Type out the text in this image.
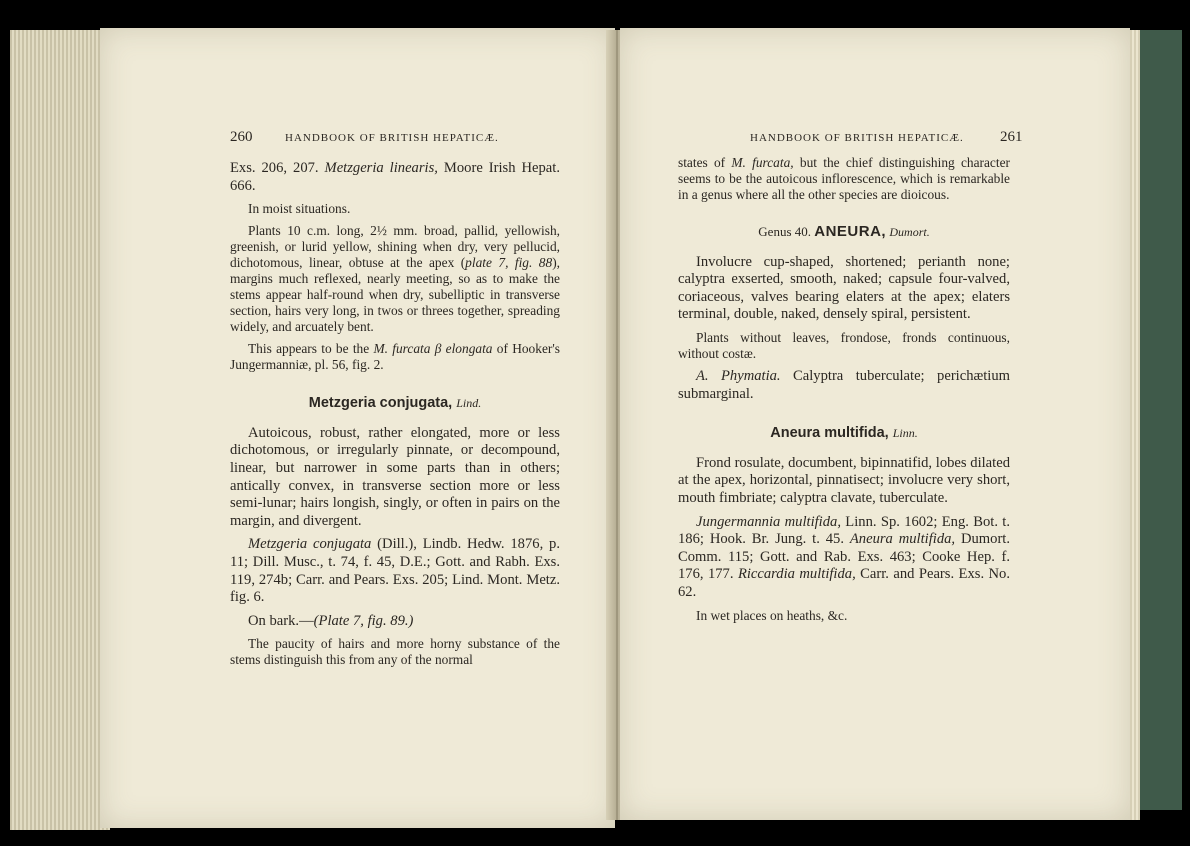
260	HANDBOOK OF BRITISH HEPATICÆ.

Exs. 206, 207. Metzgeria linearis, Moore Irish Hepat. 666.

In moist situations.

Plants 10 c.m. long, 2½ mm. broad, pallid, yellowish, greenish, or lurid yellow, shining when dry, very pellucid, dichotomous, linear, obtuse at the apex (plate 7, fig. 88), margins much reflexed, nearly meeting, so as to make the stems appear half-round when dry, subelliptic in transverse section, hairs very long, in twos or threes together, spreading widely, and arcuately bent.

This appears to be the M. furcata β elongata of Hooker's Jungermanniæ, pl. 56, fig. 2.

Metzgeria conjugata, Lind.

Autoicous, robust, rather elongated, more or less dichotomous, or irregularly pinnate, or decompound, linear, but narrower in some parts than in others; antically convex, in transverse section more or less semi-lunar; hairs longish, singly, or often in pairs on the margin, and divergent.

Metzgeria conjugata (Dill.), Lindb. Hedw. 1876, p. 11; Dill. Musc., t. 74, f. 45, D.E.; Gott. and Rabh. Exs. 119, 274b; Carr. and Pears. Exs. 205; Lind. Mont. Metz. fig. 6.

On bark.—(Plate 7, fig. 89.)

The paucity of hairs and more horny substance of the stems distinguish this from any of the normal

HANDBOOK OF BRITISH HEPATICÆ. 261

states of M. furcata, but the chief distinguishing character seems to be the autoicous inflorescence, which is remarkable in a genus where all the other species are dioicous.

Genus 40. ANEURA, Dumort.

Involucre cup-shaped, shortened; perianth none; calyptra exserted, smooth, naked; capsule four-valved, coriaceous, valves bearing elaters at the apex; elaters terminal, double, naked, densely spiral, persistent.

Plants without leaves, frondose, fronds continuous, without costæ.

A. Phymatia. Calyptra tuberculate; perichætium submarginal.

Aneura multifida, Linn.

Frond rosulate, documbent, bipinnatifid, lobes dilated at the apex, horizontal, pinnatisect; involucre very short, mouth fimbriate; calyptra clavate, tuberculate.

Jungermannia multifida, Linn. Sp. 1602; Eng. Bot. t. 186; Hook. Br. Jung. t. 45. Aneura multifida, Dumort. Comm. 115; Gott. and Rab. Exs. 463; Cooke Hep. f. 176, 177. Riccardia multifida, Carr. and Pears. Exs. No. 62.

In wet places on heaths, &c.
